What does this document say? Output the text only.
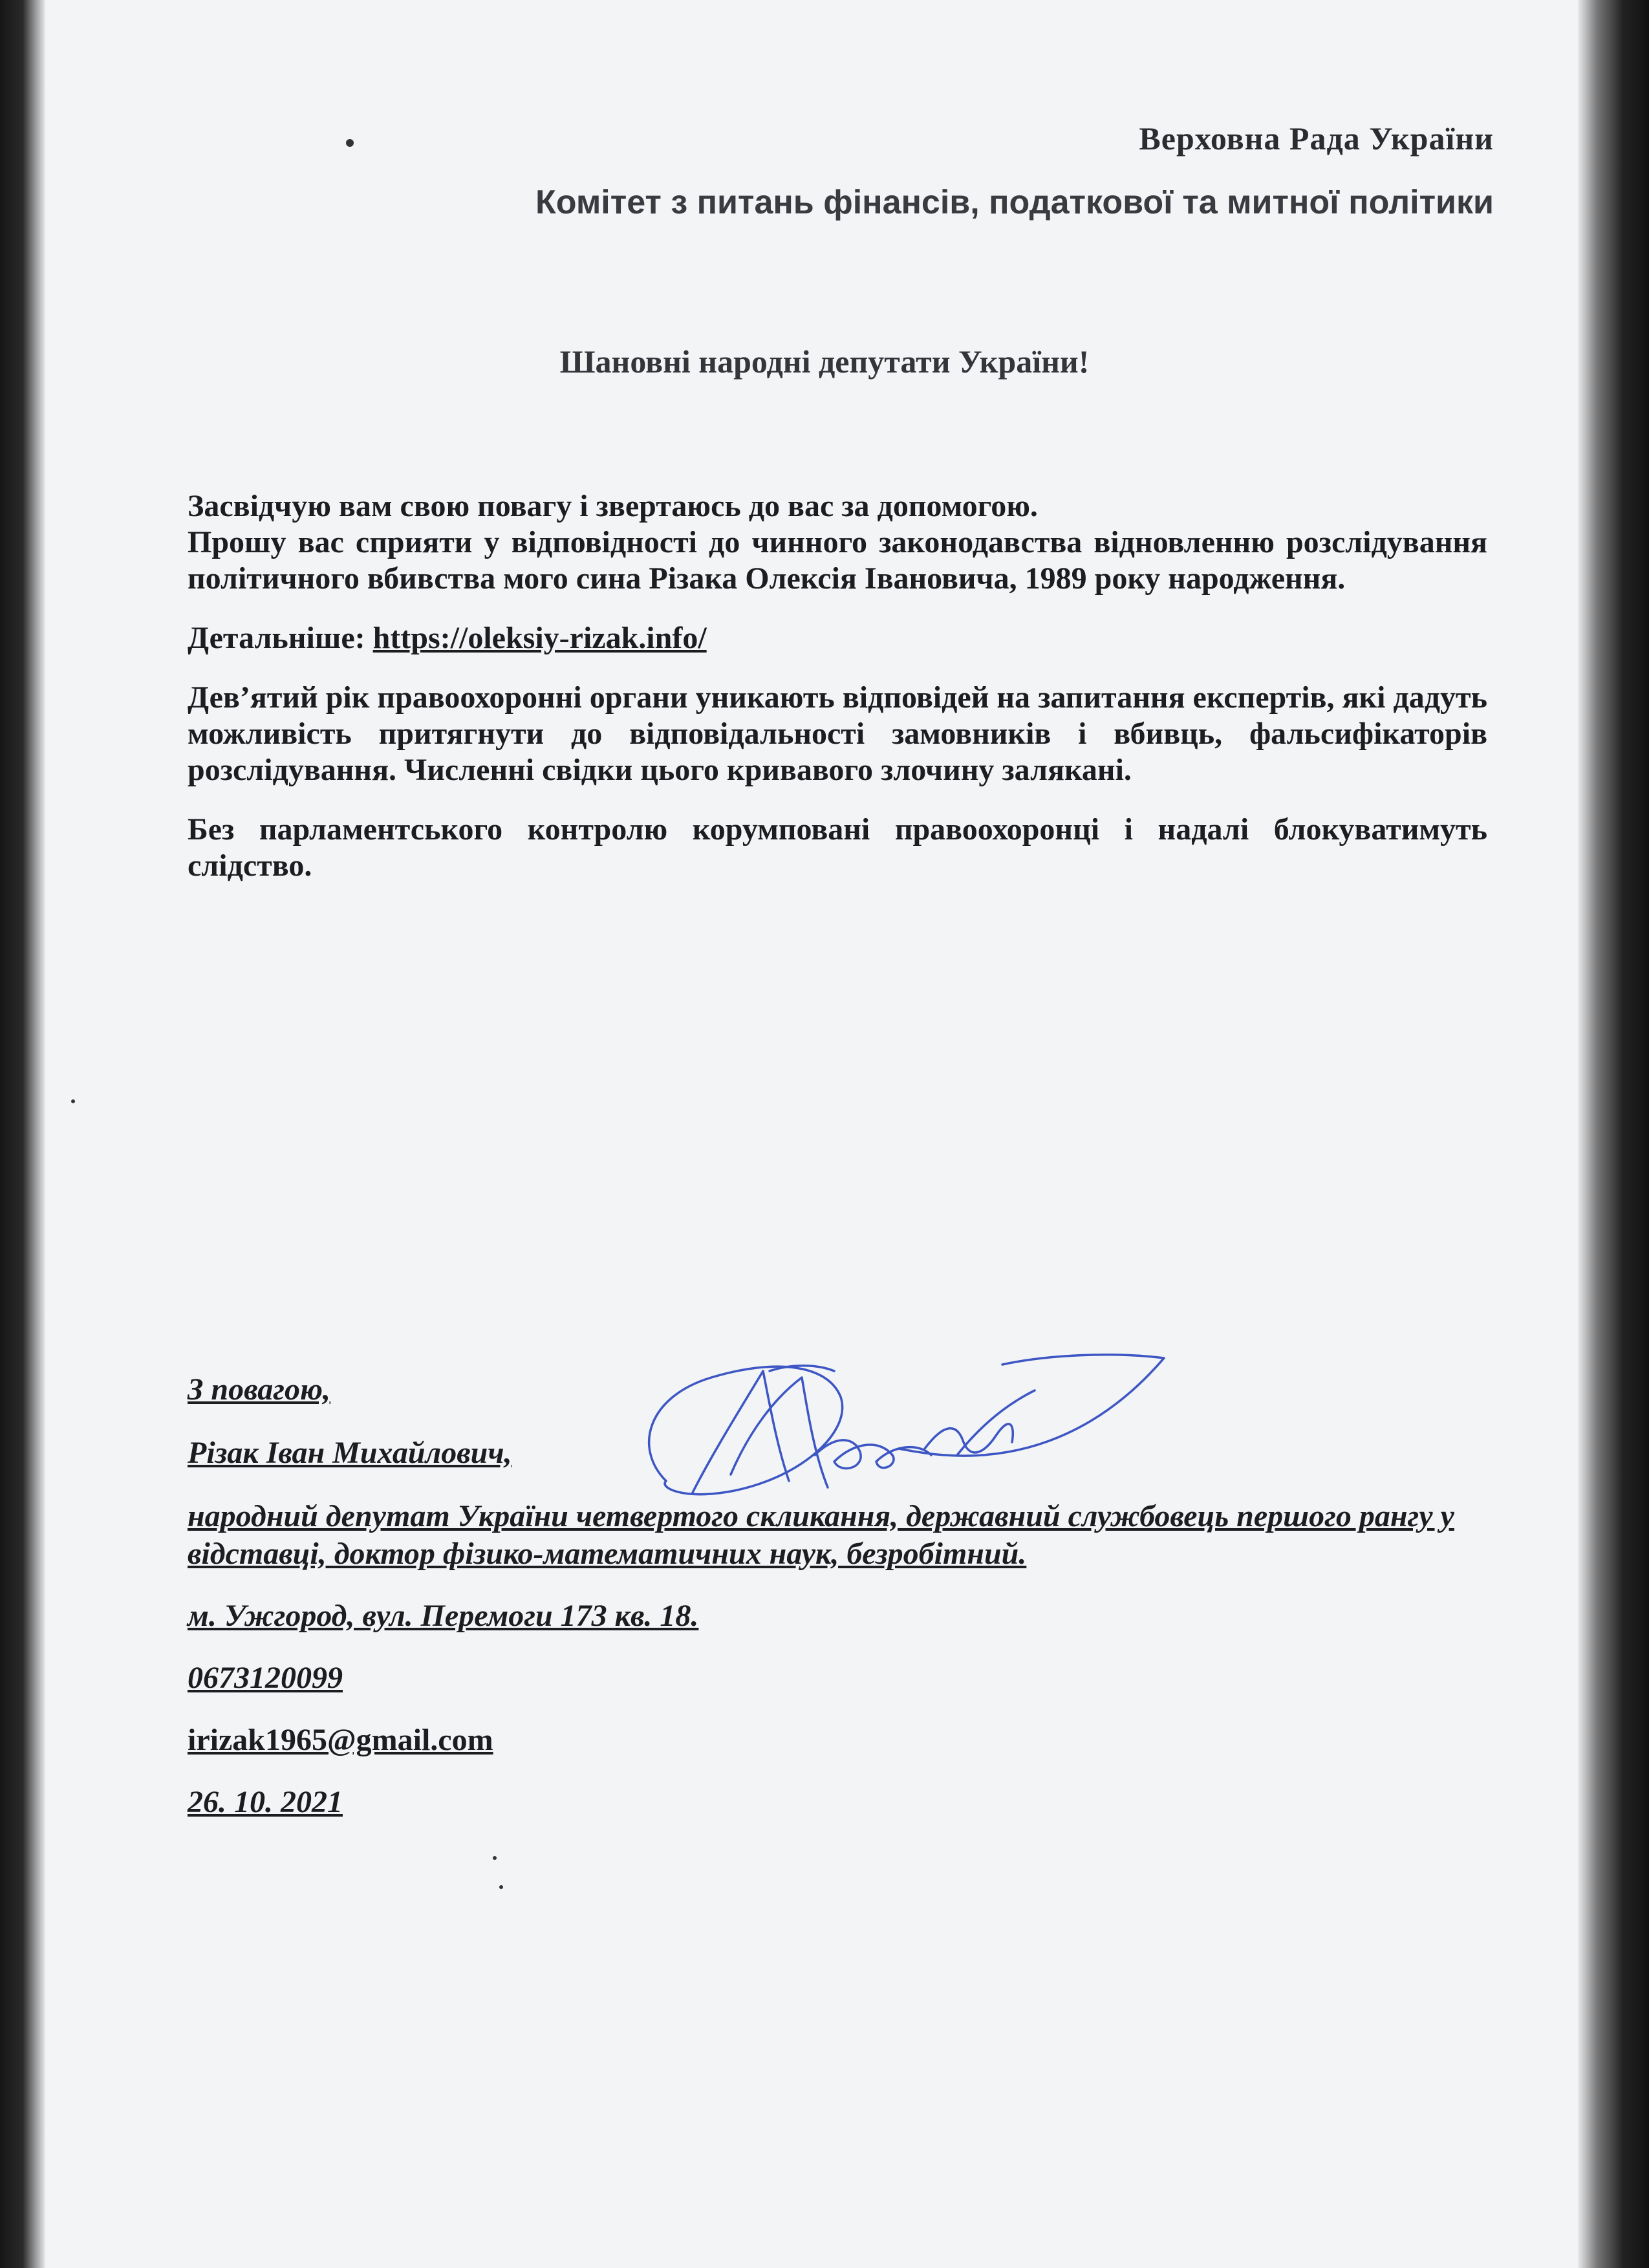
Верховна Рада України
Комітет з питань фінансів, податкової та митної політики
Шановні народні депутати України!

Засвідчую вам свою повагу і звертаюсь до вас за допомогою.

Прошу вас сприяти у відповідності до чинного законодавства відновленню розслідування політичного вбивства мого сина Різака Олексія Івановича, 1989 року народження.

Детальніше: https://oleksiy-rizak.info/

Дев’ятий рік правоохоронні органи уникають відповідей на запитання експертів, які дадуть можливість притягнути до відповідальності замовників і вбивць, фальсифікаторів розслідування. Численні свідки цього кривавого злочину залякані.

Без парламентського контролю корумповані правоохоронці і надалі блокуватимуть слідство.

З повагою,

Різак Іван Михайлович,

народний депутат України четвертого скликання, державний службовець першого рангу у відставці, доктор фізико-математичних наук, безробітний.

м. Ужгород, вул. Перемоги 173 кв. 18.

0673120099

irizak1965@gmail.com

26. 10. 2021
